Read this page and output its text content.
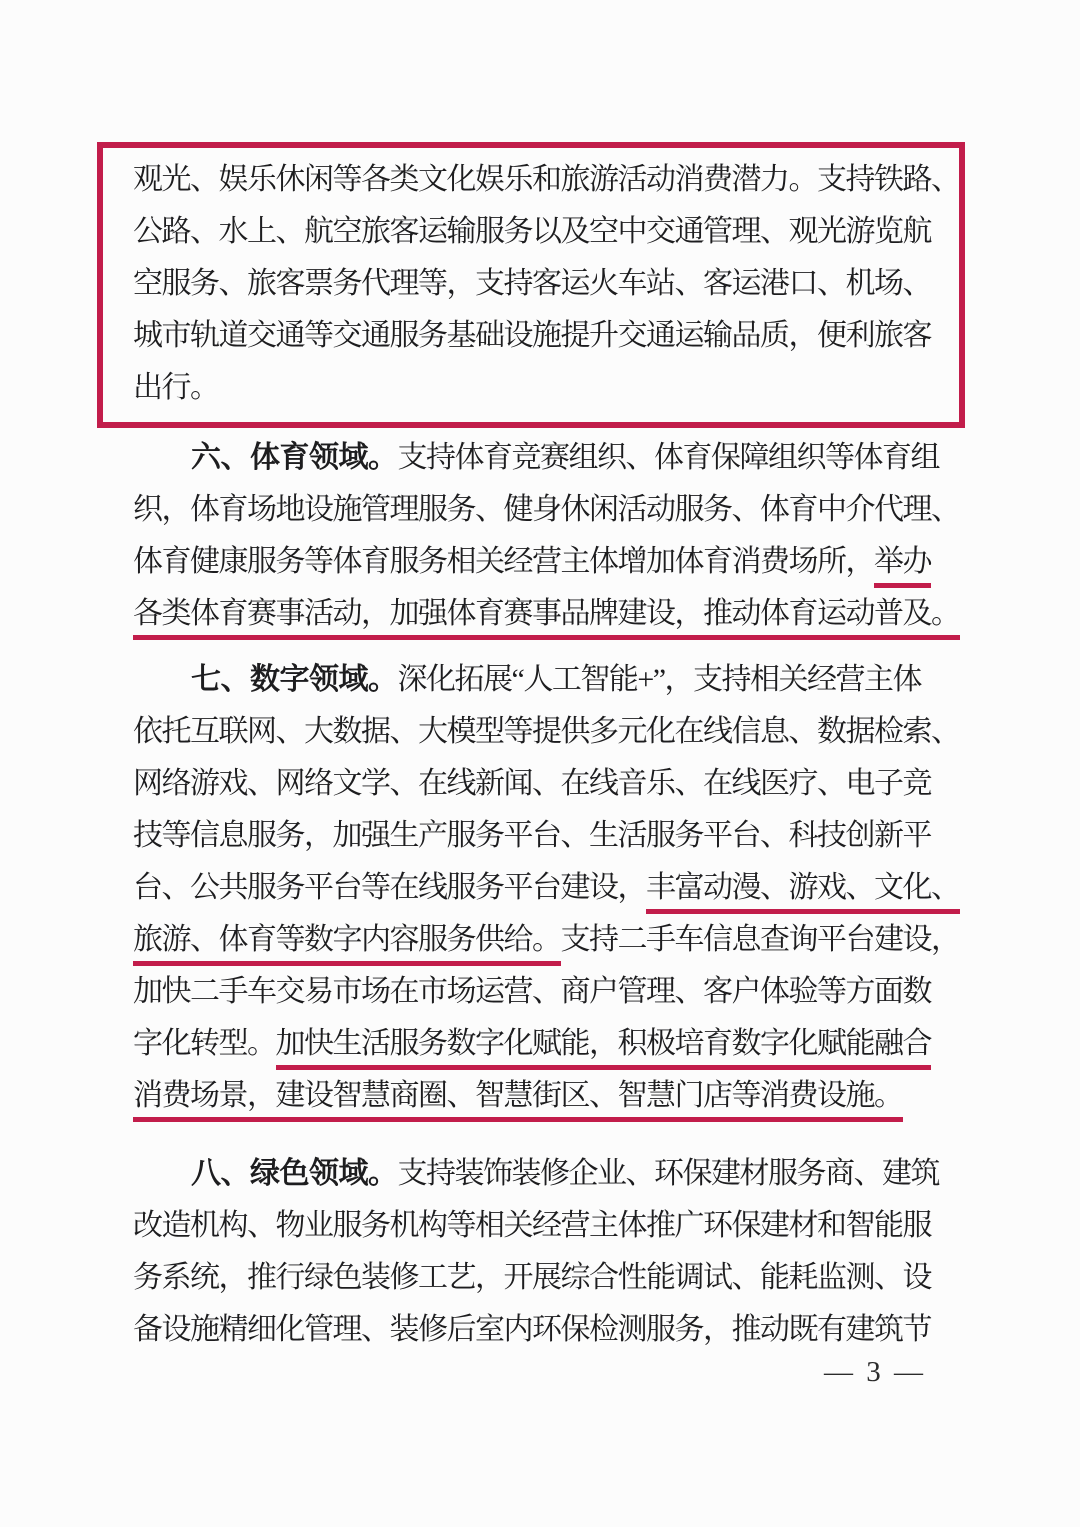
观光、娱乐休闲等各类文化娱乐和旅游活动消费潜力。支持铁路、
公路、水上、航空旅客运输服务以及空中交通管理、观光游览航
空服务、旅客票务代理等，支持客运火车站、客运港口、机场、
城市轨道交通等交通服务基础设施提升交通运输品质，便利旅客
出行。
六、体育领域。支持体育竞赛组织、体育保障组织等体育组
织，体育场地设施管理服务、健身休闲活动服务、体育中介代理、
体育健康服务等体育服务相关经营主体增加体育消费场所，举办
各类体育赛事活动，加强体育赛事品牌建设，推动体育运动普及。
七、数字领域。深化拓展“人工智能+”，支持相关经营主体
依托互联网、大数据、大模型等提供多元化在线信息、数据检索、
网络游戏、网络文学、在线新闻、在线音乐、在线医疗、电子竞
技等信息服务，加强生产服务平台、生活服务平台、科技创新平
台、公共服务平台等在线服务平台建设，丰富动漫、游戏、文化、
旅游、体育等数字内容服务供给。支持二手车信息查询平台建设，
加快二手车交易市场在市场运营、商户管理、客户体验等方面数
字化转型。加快生活服务数字化赋能，积极培育数字化赋能融合
消费场景，建设智慧商圈、智慧街区、智慧门店等消费设施。
八、绿色领域。支持装饰装修企业、环保建材服务商、建筑
改造机构、物业服务机构等相关经营主体推广环保建材和智能服
务系统，推行绿色装修工艺，开展综合性能调试、能耗监测、设
备设施精细化管理、装修后室内环保检测服务，推动既有建筑节
— 3 —
